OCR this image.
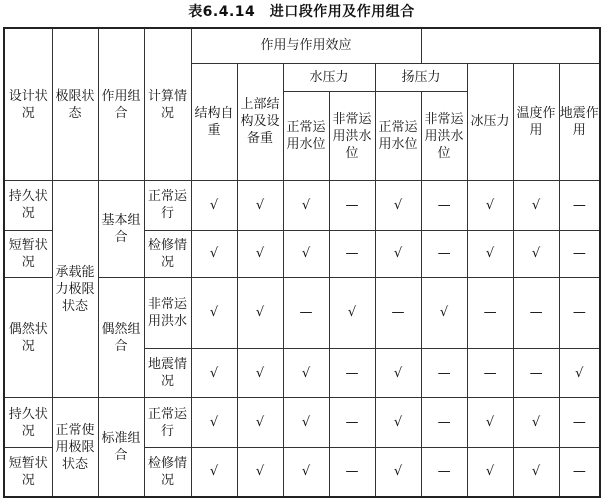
表6.4.14　进口段作用及作用组合
设计状况	极限状态	作用组合	计算情况	作用与作用效应								
				结构自重	上部结构及设备重	水压力		扬压力		冰压力	温度作用	地震作用
						正常运用水位	非常运用洪水位	正常运用水位	非常运用洪水位			
持久状况	承载能力极限状态	基本组合	正常运行	√	√	√	—	√	—	√	√	—
短暂状况			检修情况	√	√	√	—	√	—	√	√	—
偶然状况		偶然组合	非常运用洪水	√	√	—	√	—	√	—	—	—
			地震情况	√	√	√	—	√	—	—	—	√
持久状况	正常使用极限状态	标准组合	正常运行	√	√	√	—	√	—	√	√	—
短暂状况			检修情况	√	√	√	—	√	—	√	√	—
